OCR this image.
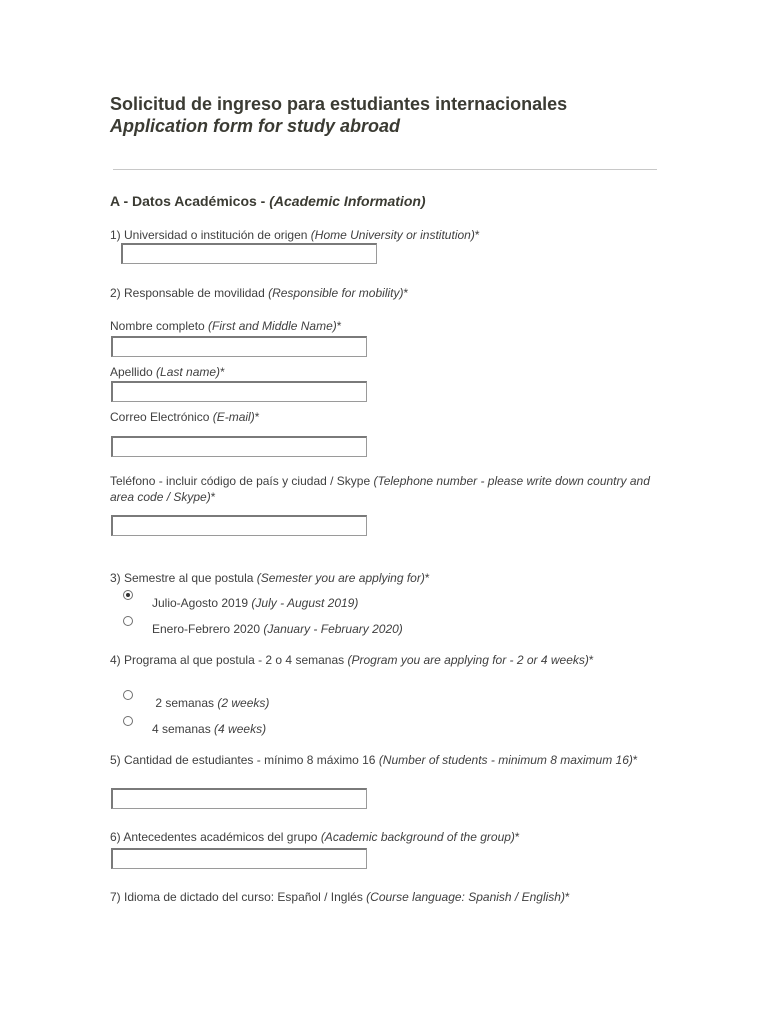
Solicitud de ingreso para estudiantes internacionales
Application form for study abroad
A - Datos Académicos - (Academic Information)
1) Universidad o institución de origen (Home University or institution)*
2) Responsable de movilidad (Responsible for mobility)*
Nombre completo (First and Middle Name)*
Apellido (Last name)*
Correo Electrónico (E-mail)*
Teléfono - incluir código de país y ciudad / Skype (Telephone number - please write down country and area code / Skype)*
3) Semestre al que postula (Semester you are applying for)*
Julio-Agosto 2019 (July - August 2019)
Enero-Febrero 2020 (January - February 2020)
4) Programa al que postula - 2 o 4 semanas (Program you are applying for - 2 or 4 weeks)*
2 semanas (2 weeks)
4 semanas (4 weeks)
5) Cantidad de estudiantes - mínimo 8 máximo 16 (Number of students - minimum 8 maximum 16)*
6) Antecedentes académicos del grupo (Academic background of the group)*
7) Idioma de dictado del curso: Español / Inglés (Course language: Spanish / English)*
